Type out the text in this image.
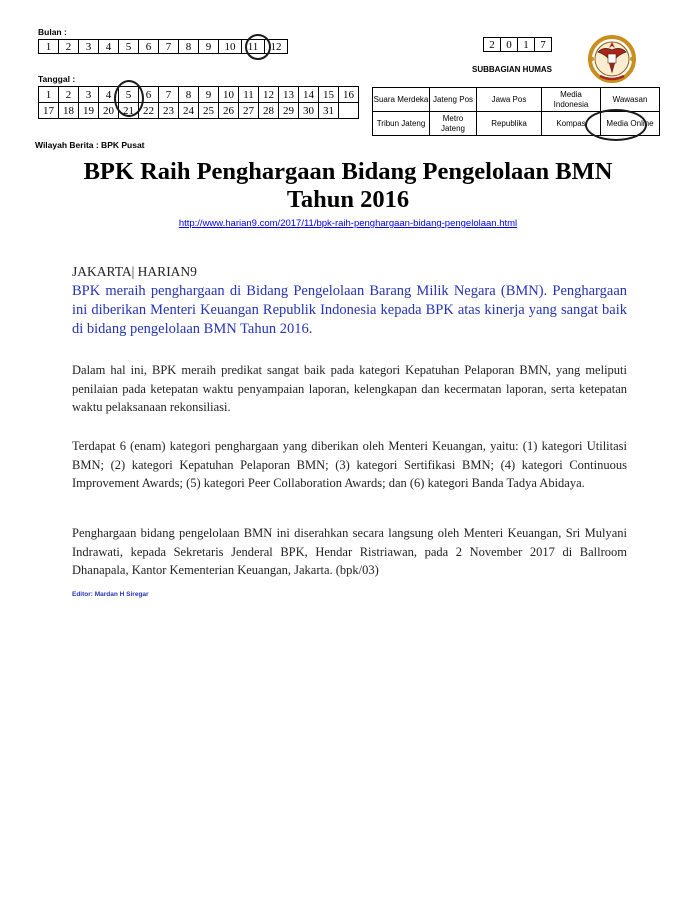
Bulan :
1	2	3	4	5	6	7	8	9	10	11	12	2	0	1	7
SUBBAGIAN HUMAS
Tanggal :
1	2	3	4	5	6	7	8	9	10	11	12	13	14	15	16
17	18	19	20	21	22	23	24	25	26	27	28	29	30	31	
Suara Merdeka	Jateng Pos	Jawa Pos	Media Indonesia	Wawasan
Tribun Jateng	Metro Jateng	Republika	Kompas	Media Online
Wilayah Berita : BPK Pusat
BPK Raih Penghargaan Bidang Pengelolaan BMN
Tahun 2016
http://www.harian9.com/2017/11/bpk-raih-penghargaan-bidang-pengelolaan.html
JAKARTA| HARIAN9
BPK meraih penghargaan di Bidang Pengelolaan Barang Milik Negara (BMN). Penghargaan ini diberikan Menteri Keuangan Republik Indonesia kepada BPK atas kinerja yang sangat baik di bidang pengelolaan BMN Tahun 2016.
Dalam hal ini, BPK meraih predikat sangat baik pada kategori Kepatuhan Pelaporan BMN, yang meliputi penilaian pada ketepatan waktu penyampaian laporan, kelengkapan dan kecermatan laporan, serta ketepatan waktu pelaksanaan rekonsiliasi.
Terdapat 6 (enam) kategori penghargaan yang diberikan oleh Menteri Keuangan, yaitu: (1) kategori Utilitasi BMN; (2) kategori Kepatuhan Pelaporan BMN; (3) kategori Sertifikasi BMN; (4) kategori Continuous Improvement Awards; (5) kategori Peer Collaboration Awards; dan (6) kategori Banda Tadya Abidaya.
Penghargaan bidang pengelolaan BMN ini diserahkan secara langsung oleh Menteri Keuangan, Sri Mulyani Indrawati, kepada Sekretaris Jenderal BPK, Hendar Ristriawan, pada 2 November 2017 di Ballroom Dhanapala, Kantor Kementerian Keuangan, Jakarta. (bpk/03)
Editor: Mardan H Siregar
